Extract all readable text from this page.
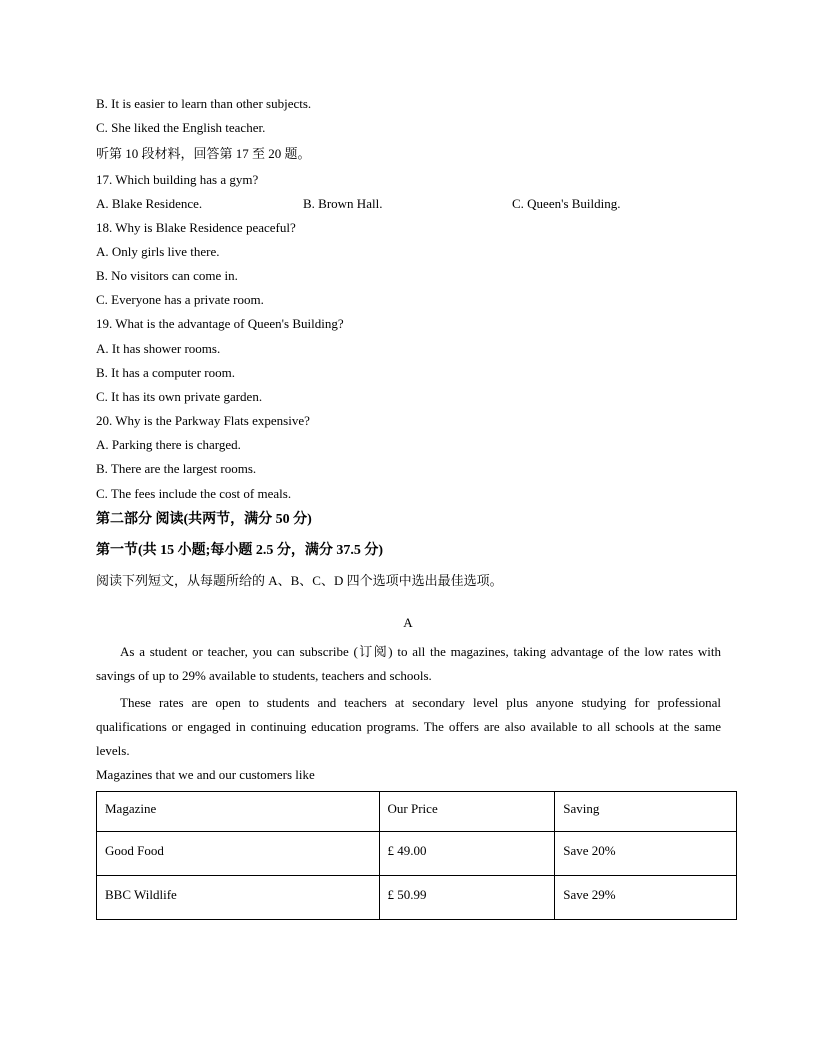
B. It is easier to learn than other subjects.
C. She liked the English teacher.
听第 10 段材料，回答第 17 至 20 题。
17. Which building has a gym?
A. Blake Residence.	B. Brown Hall.	C. Queen's Building.
18. Why is Blake Residence peaceful?
A. Only girls live there.
B. No visitors can come in.
C. Everyone has a private room.
19. What is the advantage of Queen's Building?
A. It has shower rooms.
B. It has a computer room.
C. It has its own private garden.
20. Why is the Parkway Flats expensive?
A. Parking there is charged.
B. There are the largest rooms.
C. The fees include the cost of meals.
第二部分 阅读(共两节，满分 50 分)
第一节(共 15 小题;每小题 2.5 分，满分 37.5 分)
阅读下列短文，从每题所给的 A、B、C、D 四个选项中选出最佳选项。
A
As a student or teacher, you can subscribe (订阅) to all the magazines, taking advantage of the low rates with savings of up to 29% available to students, teachers and schools.
These rates are open to students and teachers at secondary level plus anyone studying for professional qualifications or engaged in continuing education programs. The offers are also available to all schools at the same levels.
Magazines that we and our customers like
Magazine	Our Price	Saving
Good Food	£ 49.00	Save 20%
BBC Wildlife	£ 50.99	Save 29%
